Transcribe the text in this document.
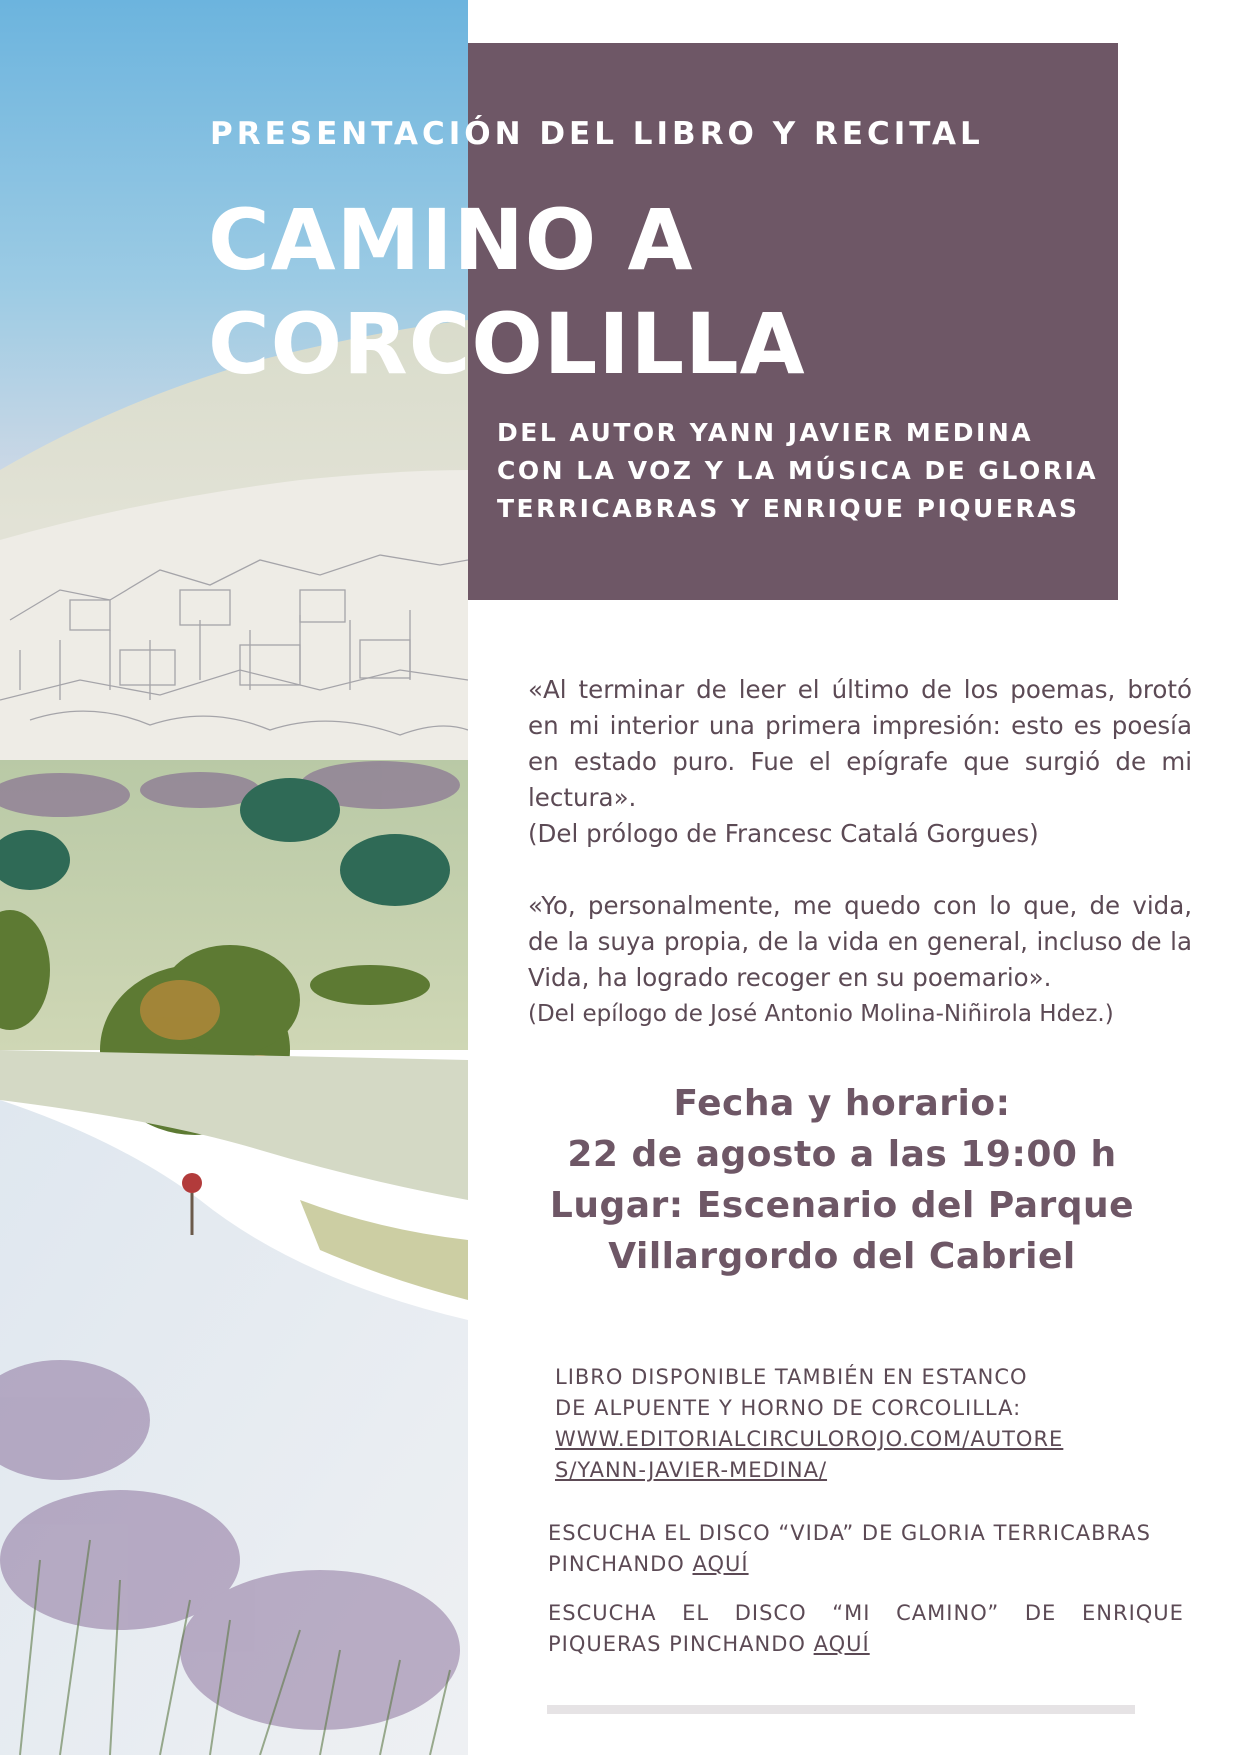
PRESENTACIÓN DEL LIBRO Y RECITAL
CAMINO A
CORCOLILLA
DEL AUTOR YANN JAVIER MEDINA
CON LA VOZ Y LA MÚSICA DE GLORIA
TERRICABRAS Y ENRIQUE PIQUERAS
«Al terminar de leer el último de los poemas, brotó en mi interior una primera impresión: esto es poesía en estado puro. Fue el epígrafe que surgió de mi lectura».
(Del prólogo de Francesc Catalá Gorgues)
«Yo, personalmente, me quedo con lo que, de vida, de la suya propia, de la vida en general, incluso de la Vida, ha logrado recoger en su poemario».
(Del epílogo de José Antonio Molina-Niñirola Hdez.)
Fecha y horario:
22 de agosto a las 19:00 h
Lugar: Escenario del Parque
Villargordo del Cabriel
LIBRO DISPONIBLE TAMBIÉN EN ESTANCO
DE ALPUENTE Y HORNO DE CORCOLILLA:
WWW.EDITORIALCIRCULOROJO.COM/AUTORE
S/YANN-JAVIER-MEDINA/
ESCUCHA EL DISCO “VIDA” DE GLORIA TERRICABRAS
PINCHANDO AQUÍ
ESCUCHA EL DISCO “MI CAMINO” DE ENRIQUE
PIQUERAS PINCHANDO AQUÍ
